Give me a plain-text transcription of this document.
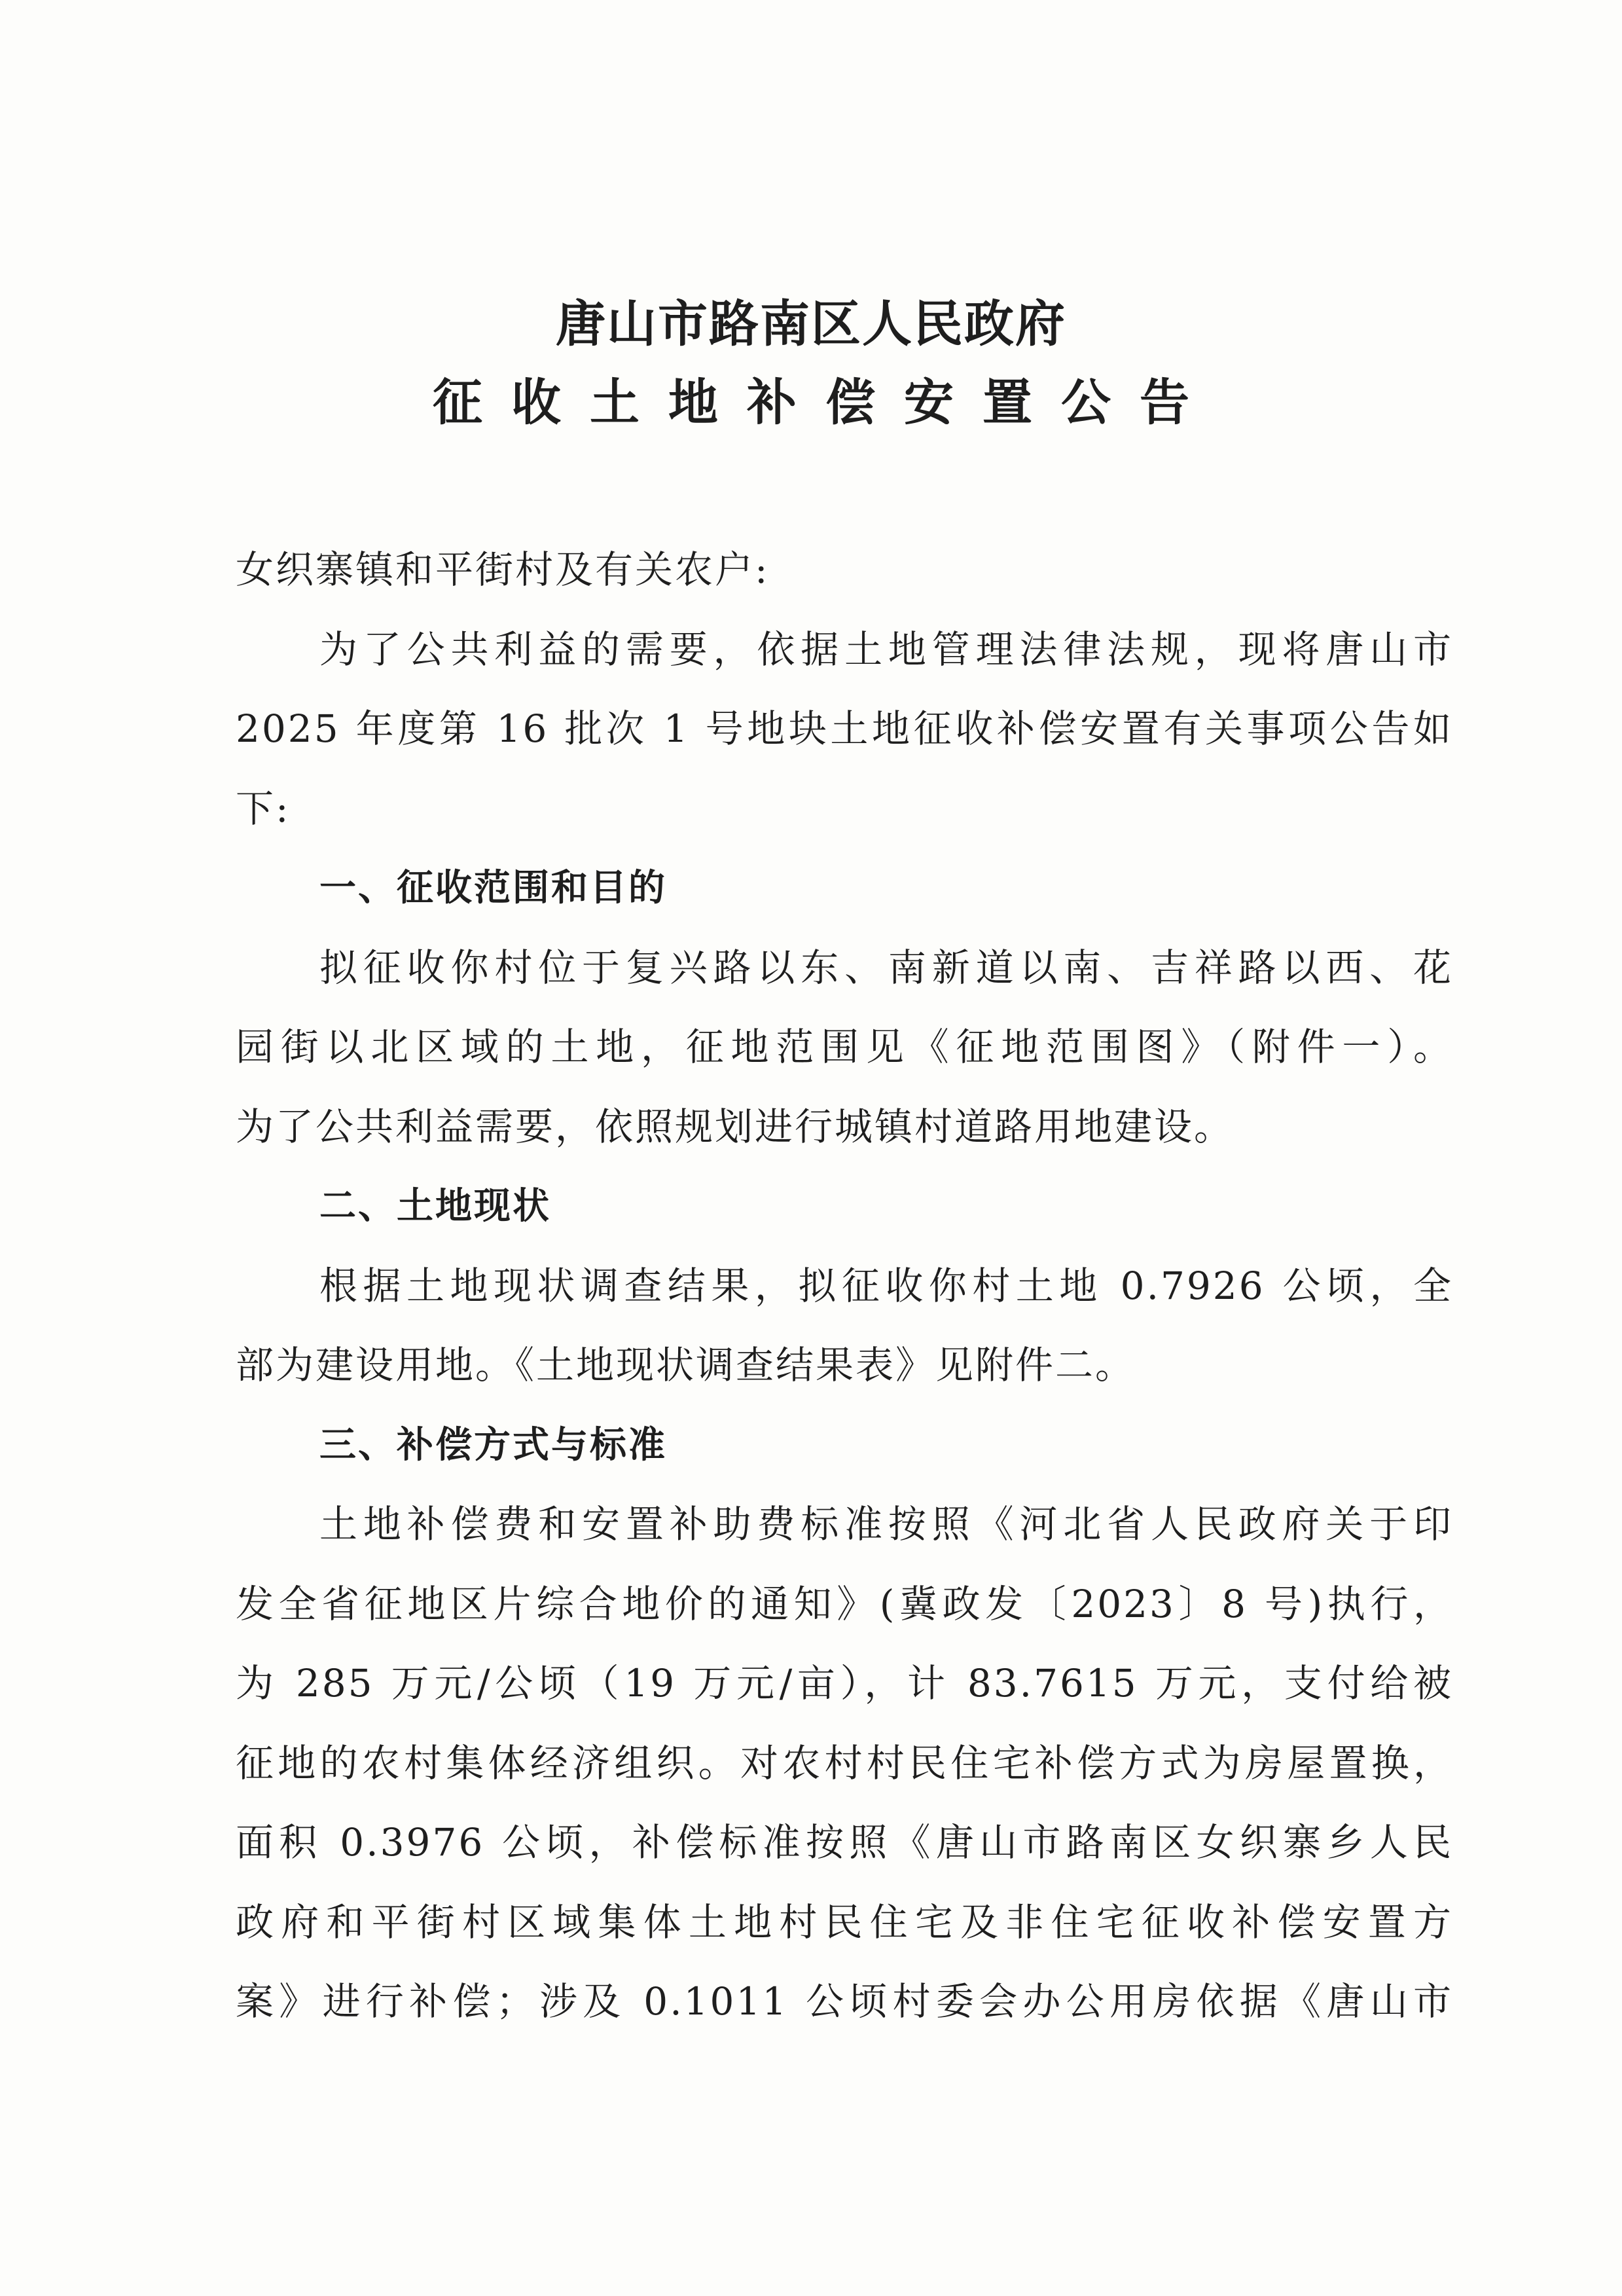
唐山市路南区人民政府
征收土地补偿安置公告
女织寨镇和平街村及有关农户:
为了公共利益的需要，依据土地管理法律法规，现将唐山市
2025 年度第 16 批次 1 号地块土地征收补偿安置有关事项公告如
下:
一、征收范围和目的
拟征收你村位于复兴路以东、南新道以南、吉祥路以西、花
园街以北区域的土地，征地范围见《征地范围图》（附件一）。
为了公共利益需要，依照规划进行城镇村道路用地建设。
二、土地现状
根据土地现状调查结果，拟征收你村土地 0.7926 公顷，全
部为建设用地。《土地现状调查结果表》见附件二。
三、补偿方式与标准
土地补偿费和安置补助费标准按照《河北省人民政府关于印
发全省征地区片综合地价的通知》(冀政发〔2023〕8 号)执行，
为 285 万元/公顷（19 万元/亩），计 83.7615 万元，支付给被
征地的农村集体经济组织。对农村村民住宅补偿方式为房屋置换，
面积 0.3976 公顷，补偿标准按照《唐山市路南区女织寨乡人民
政府和平街村区域集体土地村民住宅及非住宅征收补偿安置方
案》进行补偿；涉及 0.1011 公顷村委会办公用房依据《唐山市
